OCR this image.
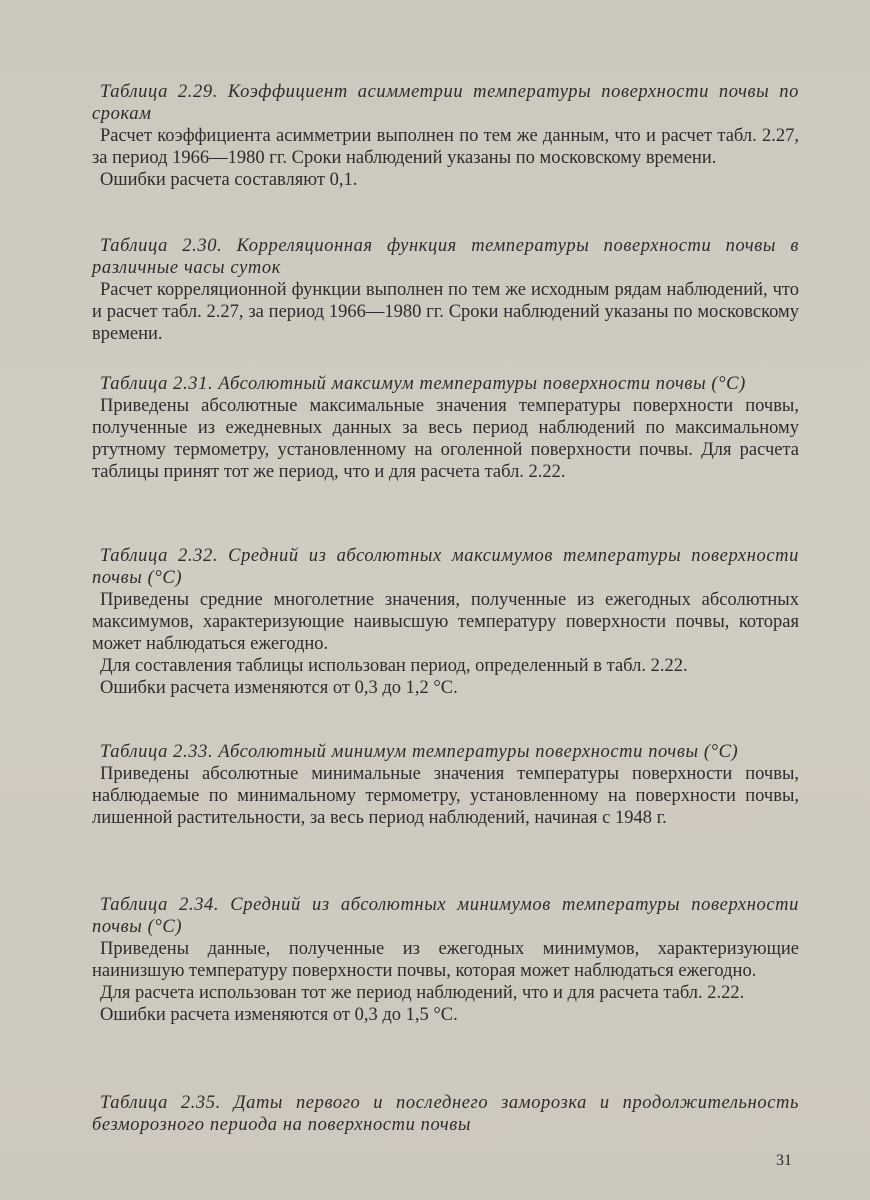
Таблица 2.29. Коэффициент асимметрии температуры поверхности почвы по срокам

Расчет коэффициента асимметрии выполнен по тем же данным, что и расчет табл. 2.27, за период 1966—1980 гг. Сроки наблюдений указаны по московскому времени.

Ошибки расчета составляют 0,1.

Таблица 2.30. Корреляционная функция температуры поверхности почвы в различные часы суток

Расчет корреляционной функции выполнен по тем же исходным рядам наблюдений, что и расчет табл. 2.27, за период 1966—1980 гг. Сроки наблюдений указаны по московскому времени.

Таблица 2.31. Абсолютный максимум температуры поверхности почвы (°C)

Приведены абсолютные максимальные значения температуры поверхности почвы, полученные из ежедневных данных за весь период наблюдений по максимальному ртутному термометру, установленному на оголенной поверхности почвы. Для расчета таблицы принят тот же период, что и для расчета табл. 2.22.

Таблица 2.32. Средний из абсолютных максимумов температуры поверхности почвы (°C)

Приведены средние многолетние значения, полученные из ежегодных абсолютных максимумов, характеризующие наивысшую температуру поверхности почвы, которая может наблюдаться ежегодно.

Для составления таблицы использован период, определенный в табл. 2.22.

Ошибки расчета изменяются от 0,3 до 1,2 °С.

Таблица 2.33. Абсолютный минимум температуры поверхности почвы (°C)

Приведены абсолютные минимальные значения температуры поверхности почвы, наблюдаемые по минимальному термометру, установленному на поверхности почвы, лишенной растительности, за весь период наблюдений, начиная с 1948 г.

Таблица 2.34. Средний из абсолютных минимумов температуры поверхности почвы (°C)

Приведены данные, полученные из ежегодных минимумов, характеризующие наинизшую температуру поверхности почвы, которая может наблюдаться ежегодно.

Для расчета использован тот же период наблюдений, что и для расчета табл. 2.22.

Ошибки расчета изменяются от 0,3 до 1,5 °С.

Таблица 2.35. Даты первого и последнего заморозка и продолжительность безморозного периода на поверхности почвы

31
